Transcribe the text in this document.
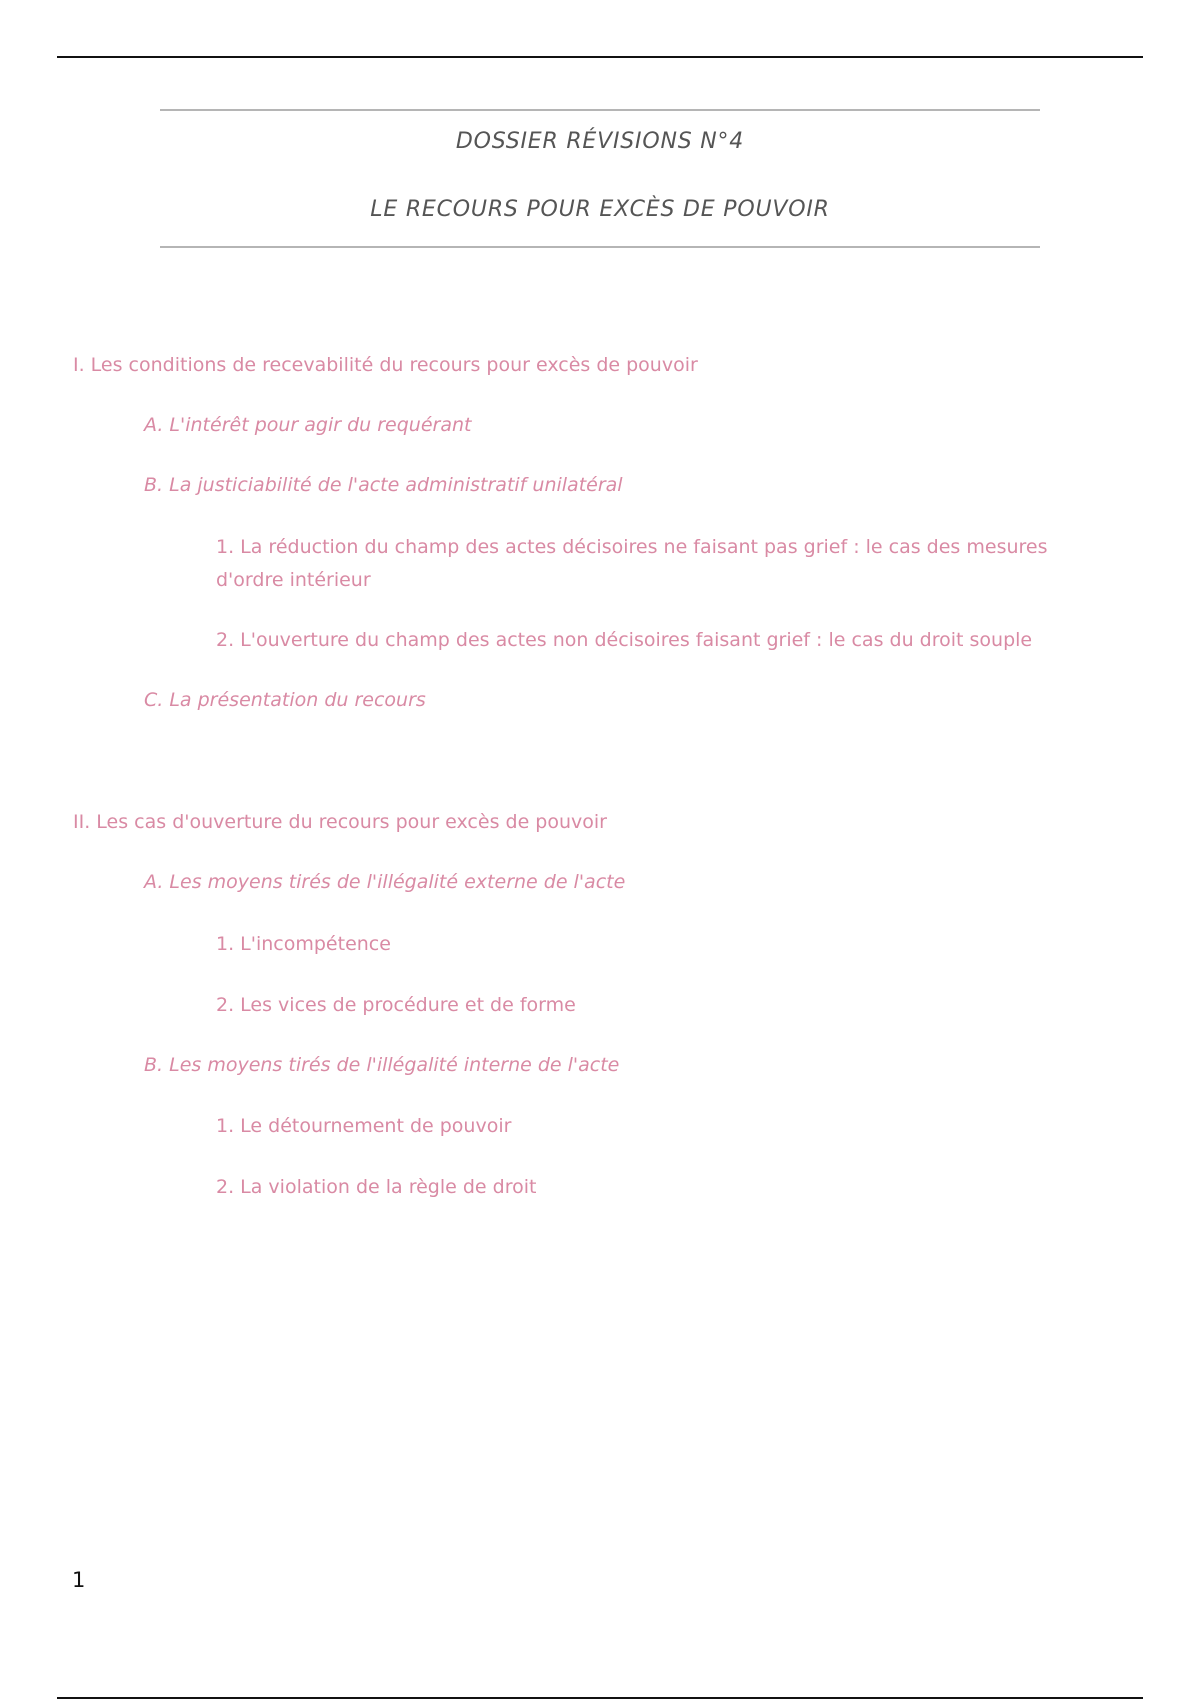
DOSSIER RÉVISIONS N°4
LE RECOURS POUR EXCÈS DE POUVOIR
I. Les conditions de recevabilité du recours pour excès de pouvoir
A. L'intérêt pour agir du requérant
B. La justiciabilité de l'acte administratif unilatéral
1. La réduction du champ des actes décisoires ne faisant pas grief : le cas des mesures d'ordre intérieur
2. L'ouverture du champ des actes non décisoires faisant grief : le cas du droit souple
C. La présentation du recours
II. Les cas d'ouverture du recours pour excès de pouvoir
A. Les moyens tirés de l'illégalité externe de l'acte
1. L'incompétence
2. Les vices de procédure et de forme
B. Les moyens tirés de l'illégalité interne de l'acte
1. Le détournement de pouvoir
2. La violation de la règle de droit
1
